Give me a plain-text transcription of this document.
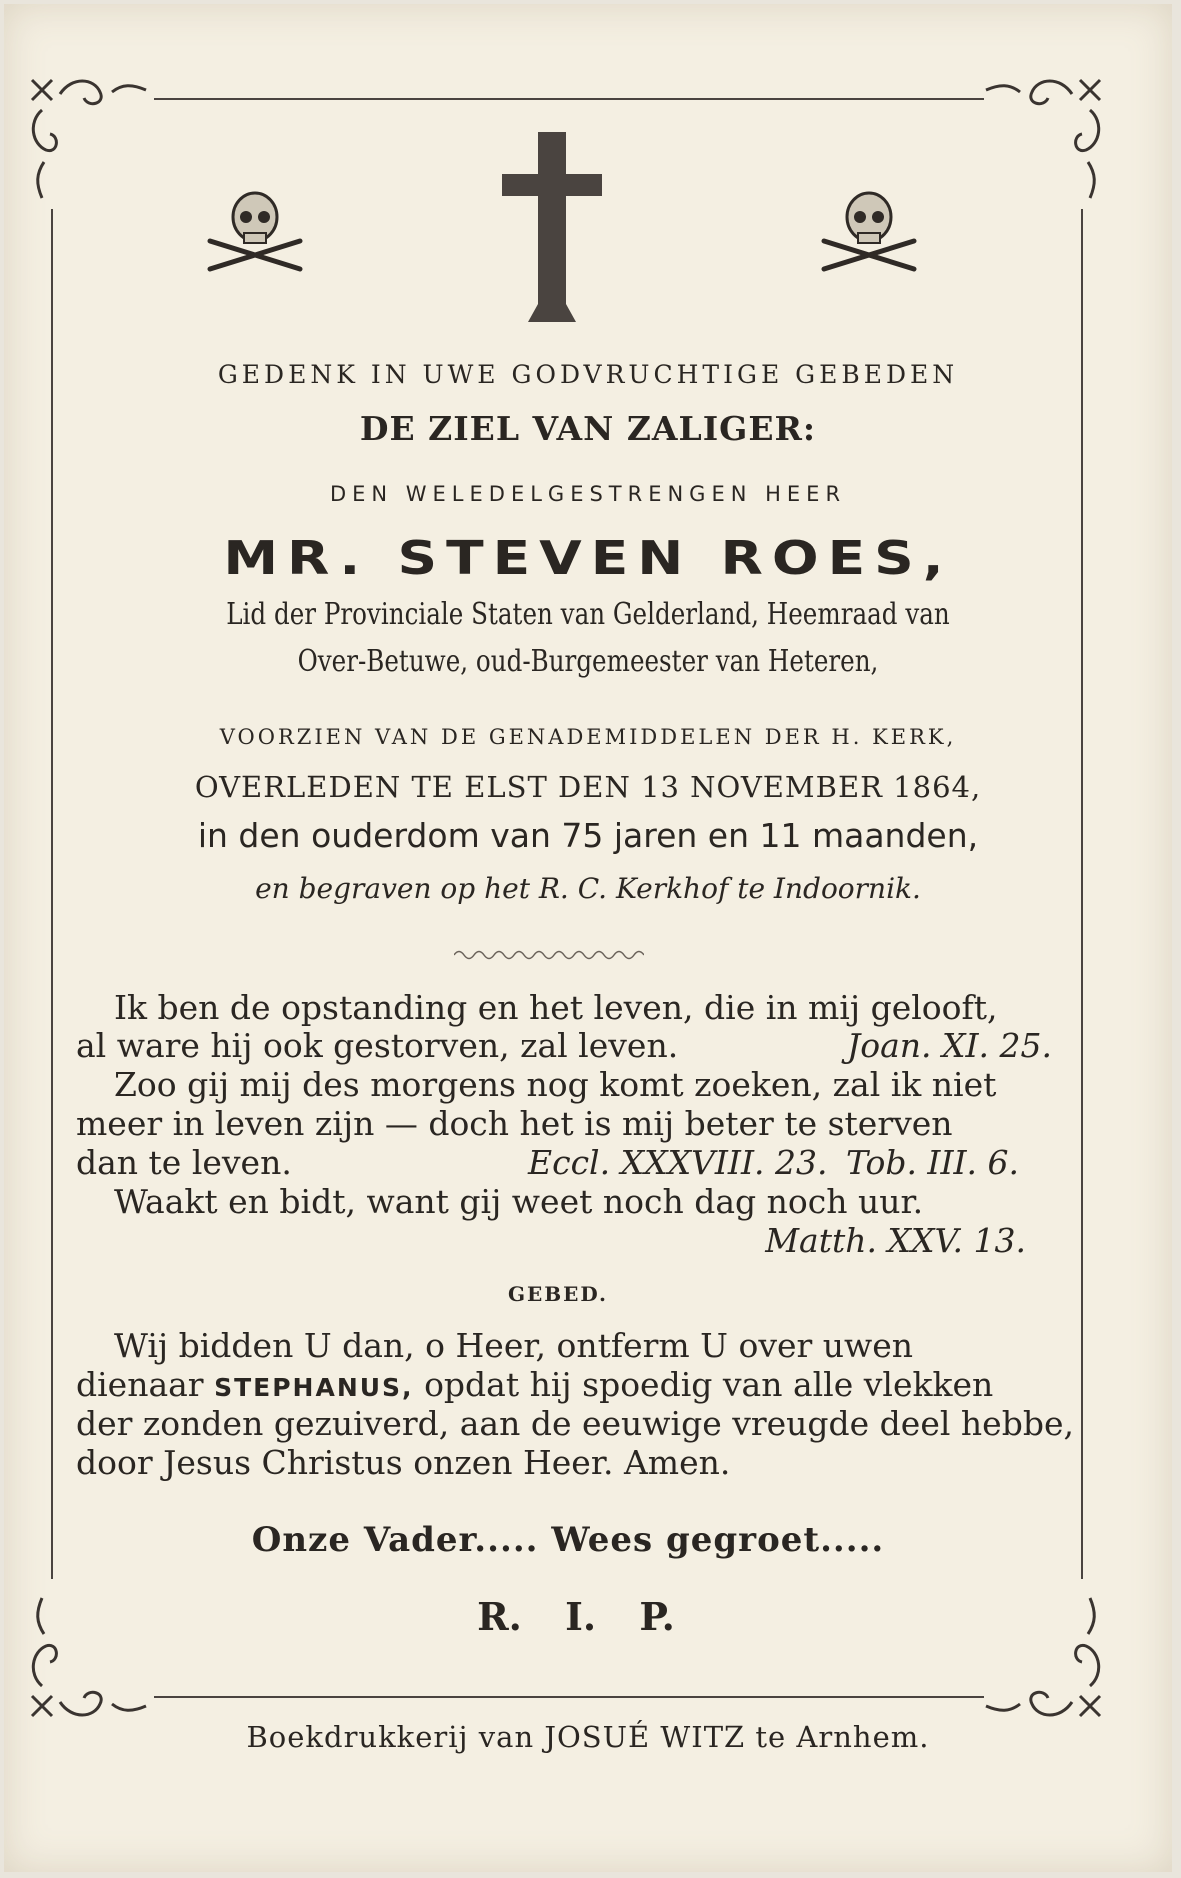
GEDENK IN UWE GODVRUCHTIGE GEBEDEN
DE ZIEL VAN ZALIGER:
DEN WELEDELGESTRENGEN HEER
MR. STEVEN ROES,
Lid der Provinciale Staten van Gelderland, Heemraad van
Over-Betuwe, oud-Burgemeester van Heteren,
VOORZIEN VAN DE GENADEMIDDELEN DER H. KERK,
OVERLEDEN TE ELST DEN 13 NOVEMBER 1864,
in den ouderdom van 75 jaren en 11 maanden,
en begraven op het R. C. Kerkhof te Indoornik.
Ik ben de opstanding en het leven, die in mij gelooft,
al ware hij ook gestorven, zal leven.	Joan. XI. 25.
Zoo gij mij des morgens nog komt zoeken, zal ik niet
meer in leven zijn — doch het is mij beter te sterven
dan te leven.	Eccl. XXXVIII. 23. Tob. III. 6.
Waakt en bidt, want gij weet noch dag noch uur.
Matth. XXV. 13.
GEBED.
Wij bidden U dan, o Heer, ontferm U over uwen
dienaar STEPHANUS, opdat hij spoedig van alle vlekken
der zonden gezuiverd, aan de eeuwige vreugde deel hebbe,
door Jesus Christus onzen Heer. Amen.
Onze Vader..... Wees gegroet.....
R. I. P.
Boekdrukkerij van JOSUÉ WITZ te Arnhem.
